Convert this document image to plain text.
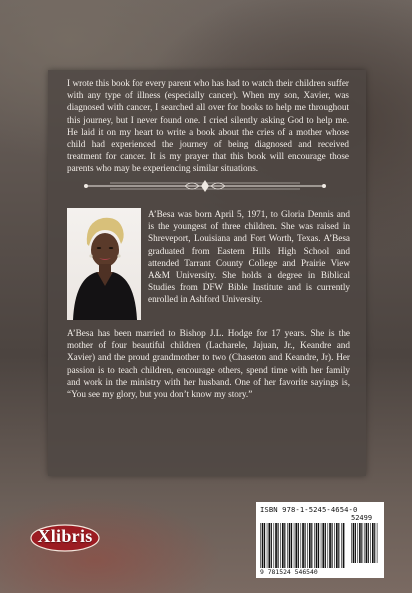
I wrote this book for every parent who has had to watch their children suffer with any type of illness (especially cancer). When my son, Xavier, was diagnosed with cancer, I searched all over for books to help me throughout this journey, but I never found one. I cried silently asking God to help me. He laid it on my heart to write a book about the cries of a mother whose child had experienced the journey of being diagnosed and received treatment for cancer. It is my prayer that this book will encourage those parents who may be experiencing similar situations.

A’Besa was born April 5, 1971, to Gloria Dennis and is the youngest of three children. She was raised in Shreveport, Louisiana and Fort Worth, Texas. A’Besa graduated from Eastern Hills High School and attended Tarrant County College and Prairie View A&M University. She holds a degree in Biblical Studies from DFW Bible Institute and is currently enrolled in Ashford University.

A’Besa has been married to Bishop J.L. Hodge for 17 years. She is the mother of four beautiful children (Lacharele, Jajuan, Jr., Keandre and Xavier) and the proud grandmother to two (Chaseton and Keandre, Jr). Her passion is to teach children, encourage others, spend time with her family and work in the ministry with her husband. One of her favorite sayings is, “You see my glory, but you don’t know my story.”

Xlibris
ISBN 978-1-5245-4654-0
52499
9 781524 546540
